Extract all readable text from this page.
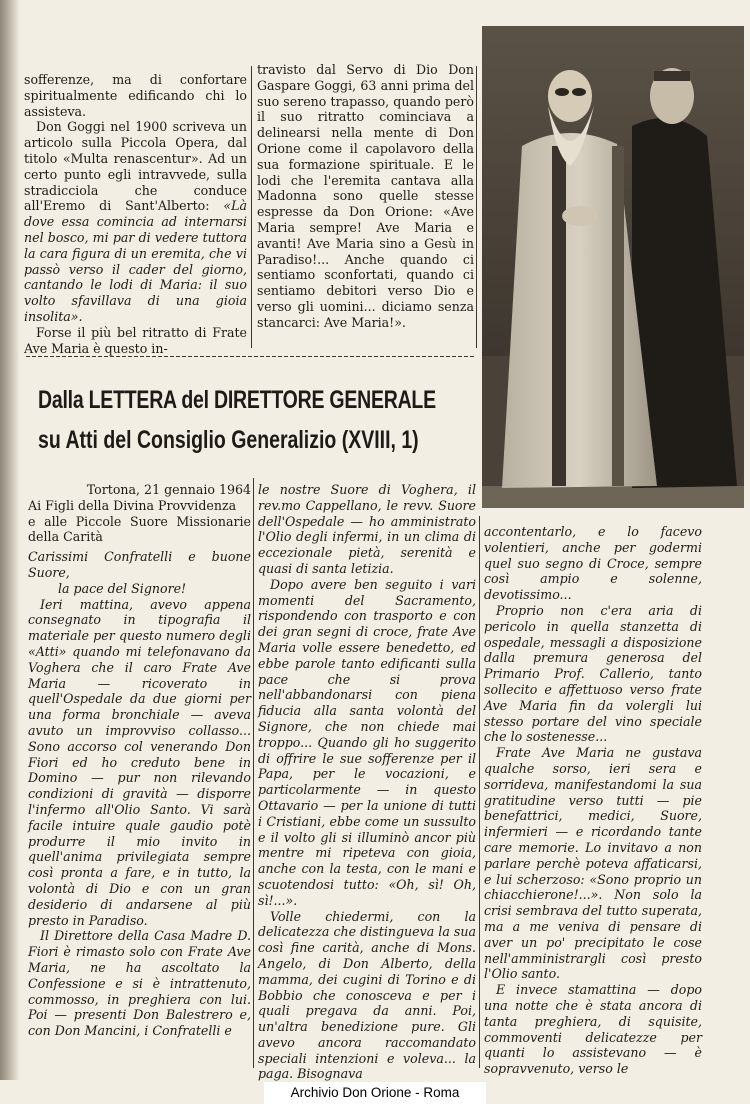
sofferenze, ma di confortare spiritualmente edificando chi lo assisteva.

Don Goggi nel 1900 scriveva un articolo sulla Piccola Opera, dal titolo «Multa renascentur». Ad un certo punto egli intravvede, sulla stradicciola che conduce all'Eremo di Sant'Alberto: «Là dove essa comincia ad internarsi nel bosco, mi par di vedere tuttora la cara figura di un eremita, che vi passò verso il cader del giorno, cantando le lodi di Maria: il suo volto sfavillava di una gioia insolita».

Forse il più bel ritratto di Frate Ave Maria è questo in-

travisto dal Servo di Dio Don Gaspare Goggi, 63 anni prima del suo sereno trapasso, quando però il suo ritratto cominciava a delinearsi nella mente di Don Orione come il capolavoro della sua formazione spirituale. E le lodi che l'eremita cantava alla Madonna sono quelle stesse espresse da Don Orione: «Ave Maria sempre! Ave Maria e avanti! Ave Maria sino a Gesù in Paradiso!... Anche quando ci sentiamo sconfortati, quando ci sentiamo debitori verso Dio e verso gli uomini... diciamo senza stancarci: Ave Maria!».

Dalla LETTERA del DIRETTORE GENERALE
su Atti del Consiglio Generalizio (XVIII, 1)

Tortona, 21 gennaio 1964

Ai Figli della Divina Provvidenza

e alle Piccole Suore Missionarie della Carità

Carissimi Confratelli e buone Suore,

la pace del Signore!

Ieri mattina, avevo appena consegnato in tipografia il materiale per questo numero degli «Atti» quando mi telefonavano da Voghera che il caro Frate Ave Maria — ricoverato in quell'Ospedale da due giorni per una forma bronchiale — aveva avuto un improvviso collasso... Sono accorso col venerando Don Fiori ed ho creduto bene in Domino — pur non rilevando condizioni di gravità — disporre l'infermo all'Olio Santo. Vi sarà facile intuire quale gaudio potè produrre il mio invito in quell'anima privilegiata sempre così pronta a fare, e in tutto, la volontà di Dio e con un gran desiderio di andarsene al più presto in Paradiso.

Il Direttore della Casa Madre D. Fiori è rimasto solo con Frate Ave Maria, ne ha ascoltato la Confessione e si è intrattenuto, commosso, in preghiera con lui. Poi — presenti Don Balestrero e, con Don Mancini, i Confratelli e

le nostre Suore di Voghera, il rev.mo Cappellano, le revv. Suore dell'Ospedale — ho amministrato l'Olio degli infermi, in un clima di eccezionale pietà, serenità e quasi di santa letizia.

Dopo avere ben seguito i vari momenti del Sacramento, rispondendo con trasporto e con dei gran segni di croce, frate Ave Maria volle essere benedetto, ed ebbe parole tanto edificanti sulla pace che si prova nell'abbandonarsi con piena fiducia alla santa volontà del Signore, che non chiede mai troppo... Quando gli ho suggerito di offrire le sue sofferenze per il Papa, per le vocazioni, e particolarmente — in questo Ottavario — per la unione di tutti i Cristiani, ebbe come un sussulto e il volto gli si illuminò ancor più mentre mi ripeteva con gioia, anche con la testa, con le mani e scuotendosi tutto: «Oh, sì! Oh, sì!...».

Volle chiedermi, con la delicatezza che distingueva la sua così fine carità, anche di Mons. Angelo, di Don Alberto, della mamma, dei cugini di Torino e di Bobbio che conosceva e per i quali pregava da anni. Poi, un'altra benedizione pure. Gli avevo ancora raccomandato speciali intenzioni e voleva... la paga. Bisognava

accontentarlo, e lo facevo volentieri, anche per godermi quel suo segno di Croce, sempre così ampio e solenne, devotissimo...

Proprio non c'era aria di pericolo in quella stanzetta di ospedale, messagli a disposizione dalla premura generosa del Primario Prof. Callerio, tanto sollecito e affettuoso verso frate Ave Maria fin da volergli lui stesso portare del vino speciale che lo sostenesse...

Frate Ave Maria ne gustava qualche sorso, ieri sera e sorrideva, manifestandomi la sua gratitudine verso tutti — pie benefattrici, medici, Suore, infermieri — e ricordando tante care memorie. Lo invitavo a non parlare perchè poteva affaticarsi, e lui scherzoso: «Sono proprio un chiacchierone!...». Non solo la crisi sembrava del tutto superata, ma a me veniva di pensare di aver un po' precipitato le cose nell'amministrargli così presto l'Olio santo.

E invece stamattina — dopo una notte che è stata ancora di tanta preghiera, di squisite, commoventi delicatezze per quanti lo assistevano — è sopravvenuto, verso le

Archivio Don Orione - Roma
